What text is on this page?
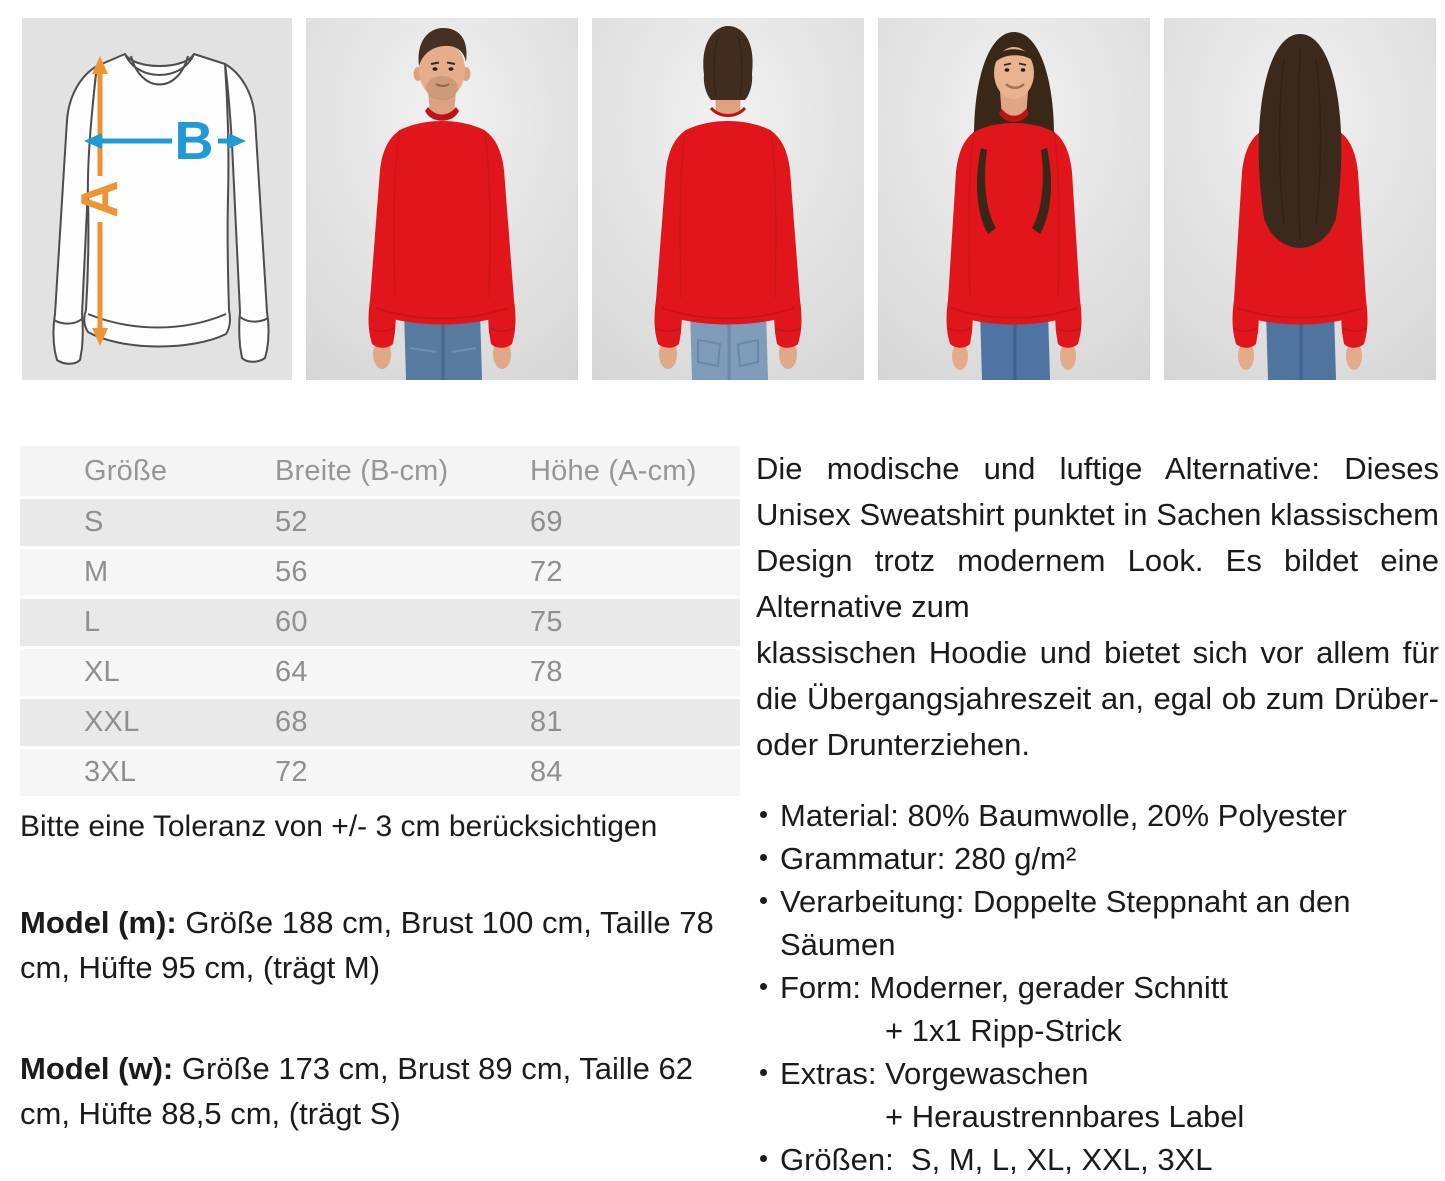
A
B
Größe	Breite (B-cm)	Höhe (A-cm)
S	52	69
M	56	72
L	60	75
XL	64	78
XXL	68	81
3XL	72	84
Bitte eine Toleranz von +/- 3 cm berücksichtigen
Model (m): Größe 188 cm, Brust 100 cm, Taille 78 cm, Hüfte 95 cm, (trägt M)
Model (w): Größe 173 cm, Brust 89 cm, Taille 62 cm, Hüfte 88,5 cm, (trägt S)

Die modische und luftige Alternative: Dieses Unisex Sweatshirt punktet in Sachen klassischem Design trotz modernem Look. Es bildet eine Alternative zum

klassischen Hoodie und bietet sich vor allem für die Übergangsjahreszeit an, egal ob zum Drüber- oder Drunterziehen.

Material: 80% Baumwolle, 20% Polyester
Grammatur: 280 g/m²
Verarbeitung: Doppelte Steppnaht an den Säumen
Form: Moderner, gerader Schnitt
+ 1x1 Ripp-Strick
Extras: Vorgewaschen
+ Heraustrennbares Label
Größen:  S, M, L, XL, XXL, 3XL
